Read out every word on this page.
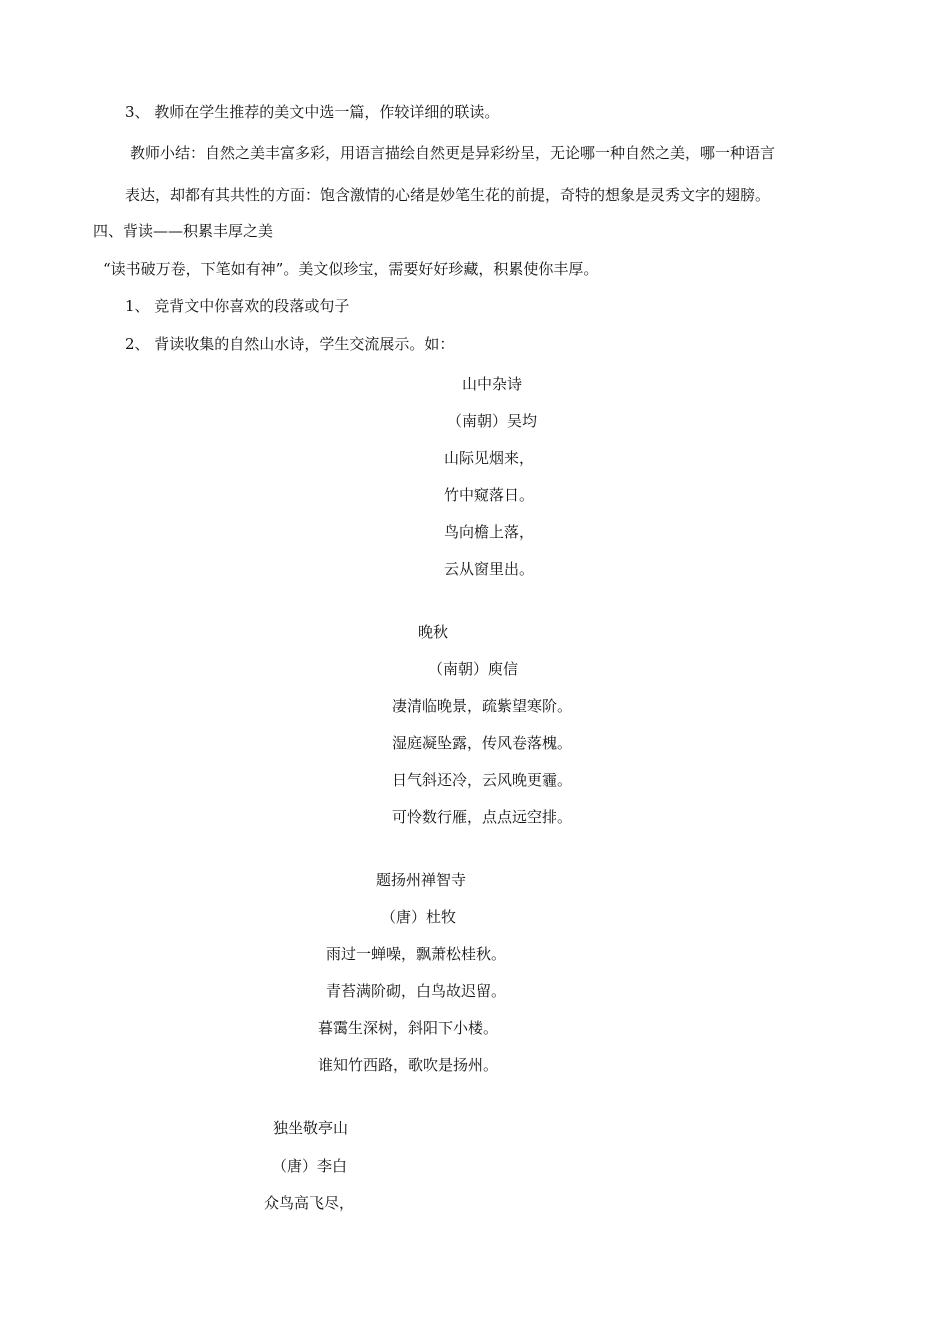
3、 教师在学生推荐的美文中选一篇，作较详细的联读。
教师小结：自然之美丰富多彩，用语言描绘自然更是异彩纷呈，无论哪一种自然之美，哪一种语言
表达，却都有其共性的方面：饱含激情的心绪是妙笔生花的前提，奇特的想象是灵秀文字的翅膀。
四、背读——积累丰厚之美
“读书破万卷，下笔如有神”。美文似珍宝，需要好好珍藏，积累使你丰厚。
1、 竞背文中你喜欢的段落或句子
2、 背读收集的自然山水诗，学生交流展示。如：
山中杂诗
（南朝）吴均
山际见烟来，
竹中窥落日。
鸟向檐上落，
云从窗里出。
晚秋
（南朝）庾信
凄清临晚景，疏紫望寒阶。
湿庭凝坠露，传风卷落槐。
日气斜还冷，云风晚更霾。
可怜数行雁，点点远空排。
题扬州禅智寺
（唐）杜牧
雨过一蝉噪，飘萧松桂秋。
青苔满阶砌，白鸟故迟留。
暮霭生深树，斜阳下小楼。
谁知竹西路，歌吹是扬州。
独坐敬亭山
（唐）李白
众鸟高飞尽，
